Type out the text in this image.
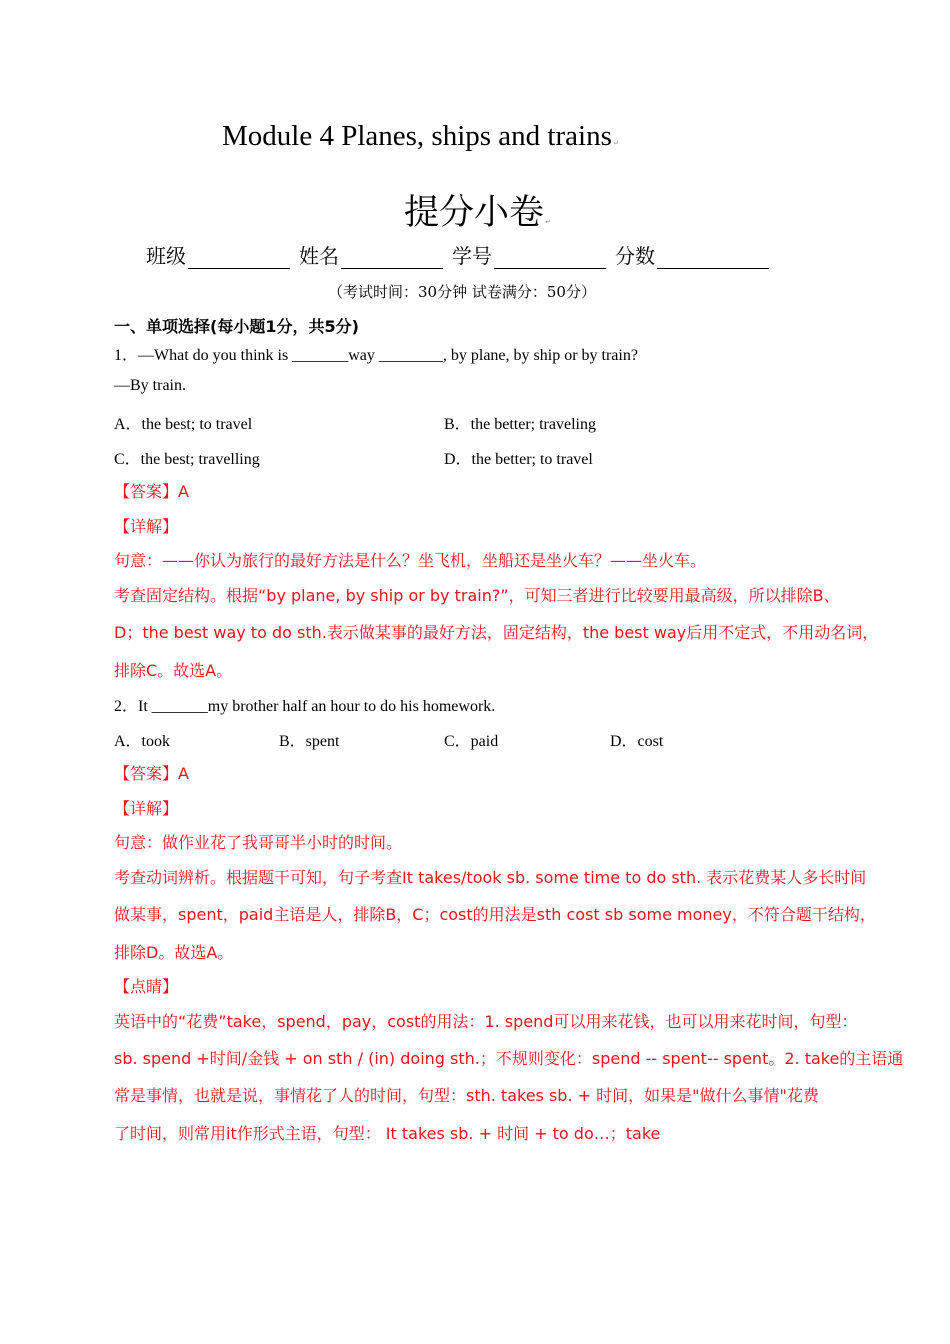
Module 4 Planes, ships and trains↵
提分小卷↵
班级	姓名	学号	分数
（考试时间：30分钟 试卷满分：50分）
一、单项选择(每小题1分，共5分)
1．—What do you think is _______way ________, by plane, by ship or by train?
—By train.
A．the best; to travel	B．the better; traveling
C．the best; travelling	D．the better; to travel
【答案】A
【详解】
句意：——你认为旅行的最好方法是什么？坐飞机，坐船还是坐火车？——坐火车。
考查固定结构。根据“by plane, by ship or by train?”，可知三者进行比较要用最高级，所以排除B、
D；the best way to do sth.表示做某事的最好方法，固定结构，the best way后用不定式，不用动名词，
排除C。故选A。
2．It _______my brother half an hour to do his homework.
A．took	B．spent	C．paid	D．cost
【答案】A
【详解】
句意：做作业花了我哥哥半小时的时间。
考查动词辨析。根据题干可知，句子考查It takes/took sb. some time to do sth. 表示花费某人多长时间
做某事，spent，paid主语是人，排除B，C；cost的用法是sth cost sb some money，不符合题干结构，
排除D。故选A。
【点睛】
英语中的“花费”take，spend，pay，cost的用法：1. spend可以用来花钱，也可以用来花时间，句型：
sb. spend +时间/金钱 + on sth / (in) doing sth.；不规则变化：spend -- spent-- spent。2. take的主语通
常是事情，也就是说，事情花了人的时间，句型：sth. takes sb. + 时间，如果是"做什么事情"花费
了时间，则常用it作形式主语，句型： It takes sb. + 时间 + to do…；take
